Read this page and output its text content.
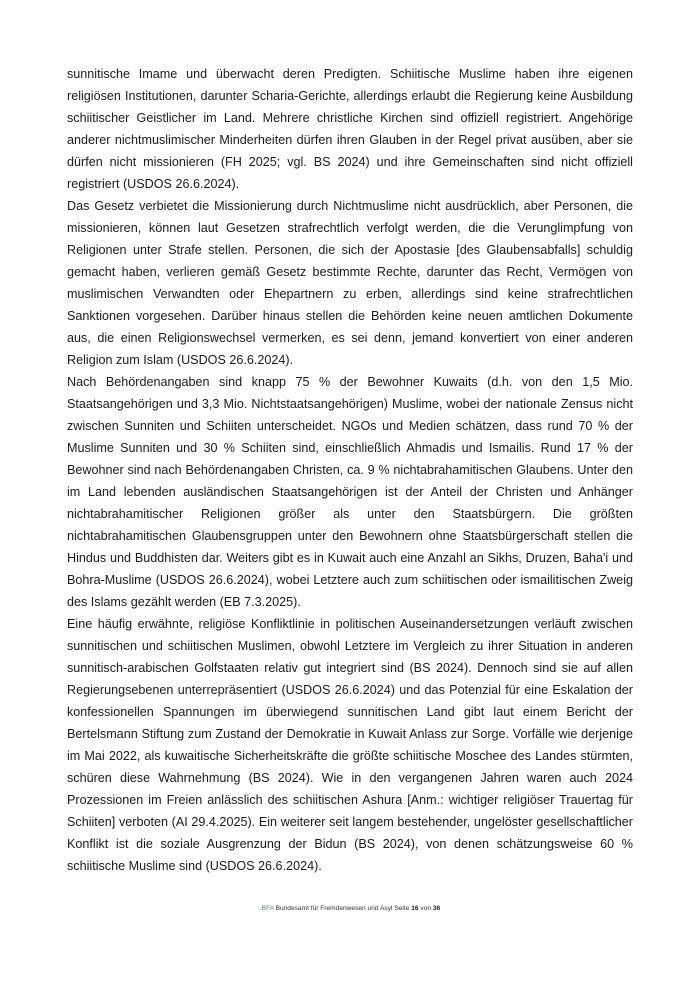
sunnitische Imame und überwacht deren Predigten. Schiitische Muslime haben ihre eigenen religiösen Institutionen, darunter Scharia-Gerichte, allerdings erlaubt die Regierung keine Ausbildung schiitischer Geistlicher im Land. Mehrere christliche Kirchen sind offiziell registriert. Angehörige anderer nichtmuslimischer Minderheiten dürfen ihren Glauben in der Regel privat ausüben, aber sie dürfen nicht missionieren (FH 2025; vgl. BS 2024) und ihre Gemeinschaften sind nicht offiziell registriert (USDOS 26.6.2024).

Das Gesetz verbietet die Missionierung durch Nichtmuslime nicht ausdrücklich, aber Personen, die missionieren, können laut Gesetzen strafrechtlich verfolgt werden, die die Verunglimpfung von Religionen unter Strafe stellen. Personen, die sich der Apostasie [des Glaubensabfalls] schuldig gemacht haben, verlieren gemäß Gesetz bestimmte Rechte, darunter das Recht, Vermögen von muslimischen Verwandten oder Ehepartnern zu erben, allerdings sind keine strafrechtlichen Sanktionen vorgesehen. Darüber hinaus stellen die Behörden keine neuen amtlichen Dokumente aus, die einen Religionswechsel vermerken, es sei denn, jemand konvertiert von einer anderen Religion zum Islam (USDOS 26.6.2024).

Nach Behördenangaben sind knapp 75 % der Bewohner Kuwaits (d.h. von den 1,5 Mio. Staatsangehörigen und 3,3 Mio. Nichtstaatsangehörigen) Muslime, wobei der nationale Zensus nicht zwischen Sunniten und Schiiten unterscheidet. NGOs und Medien schätzen, dass rund 70 % der Muslime Sunniten und 30 % Schiiten sind, einschließlich Ahmadis und Ismailis. Rund 17 % der Bewohner sind nach Behördenangaben Christen, ca. 9 % nichtabrahamitischen Glaubens. Unter den im Land lebenden ausländischen Staatsangehörigen ist der Anteil der Christen und Anhänger nichtabrahamitischer Religionen größer als unter den Staatsbürgern. Die größten nichtabrahamitischen Glaubensgruppen unter den Bewohnern ohne Staatsbürgerschaft stellen die Hindus und Buddhisten dar. Weiters gibt es in Kuwait auch eine Anzahl an Sikhs, Druzen, Baha'i und Bohra-Muslime (USDOS 26.6.2024), wobei Letztere auch zum schiitischen oder ismailitischen Zweig des Islams gezählt werden (EB 7.3.2025).

Eine häufig erwähnte, religiöse Konfliktlinie in politischen Auseinandersetzungen verläuft zwischen sunnitischen und schiitischen Muslimen, obwohl Letztere im Vergleich zu ihrer Situation in anderen sunnitisch-arabischen Golfstaaten relativ gut integriert sind (BS 2024). Dennoch sind sie auf allen Regierungsebenen unterrepräsentiert (USDOS 26.6.2024) und das Potenzial für eine Eskalation der konfessionellen Spannungen im überwiegend sunnitischen Land gibt laut einem Bericht der Bertelsmann Stiftung zum Zustand der Demokratie in Kuwait Anlass zur Sorge. Vorfälle wie derjenige im Mai 2022, als kuwaitische Sicherheitskräfte die größte schiitische Moschee des Landes stürmten, schüren diese Wahrnehmung (BS 2024). Wie in den vergangenen Jahren waren auch 2024 Prozessionen im Freien anlässlich des schiitischen Ashura [Anm.: wichtiger religiöser Trauertag für Schiiten] verboten (AI 29.4.2025). Ein weiterer seit langem bestehender, ungelöster gesellschaftlicher Konflikt ist die soziale Ausgrenzung der Bidun (BS 2024), von denen schätzungsweise 60 % schiitische Muslime sind (USDOS 26.6.2024).

.BFA Bundesamt für Fremdenwesen und Asyl Seite 16 von 36
